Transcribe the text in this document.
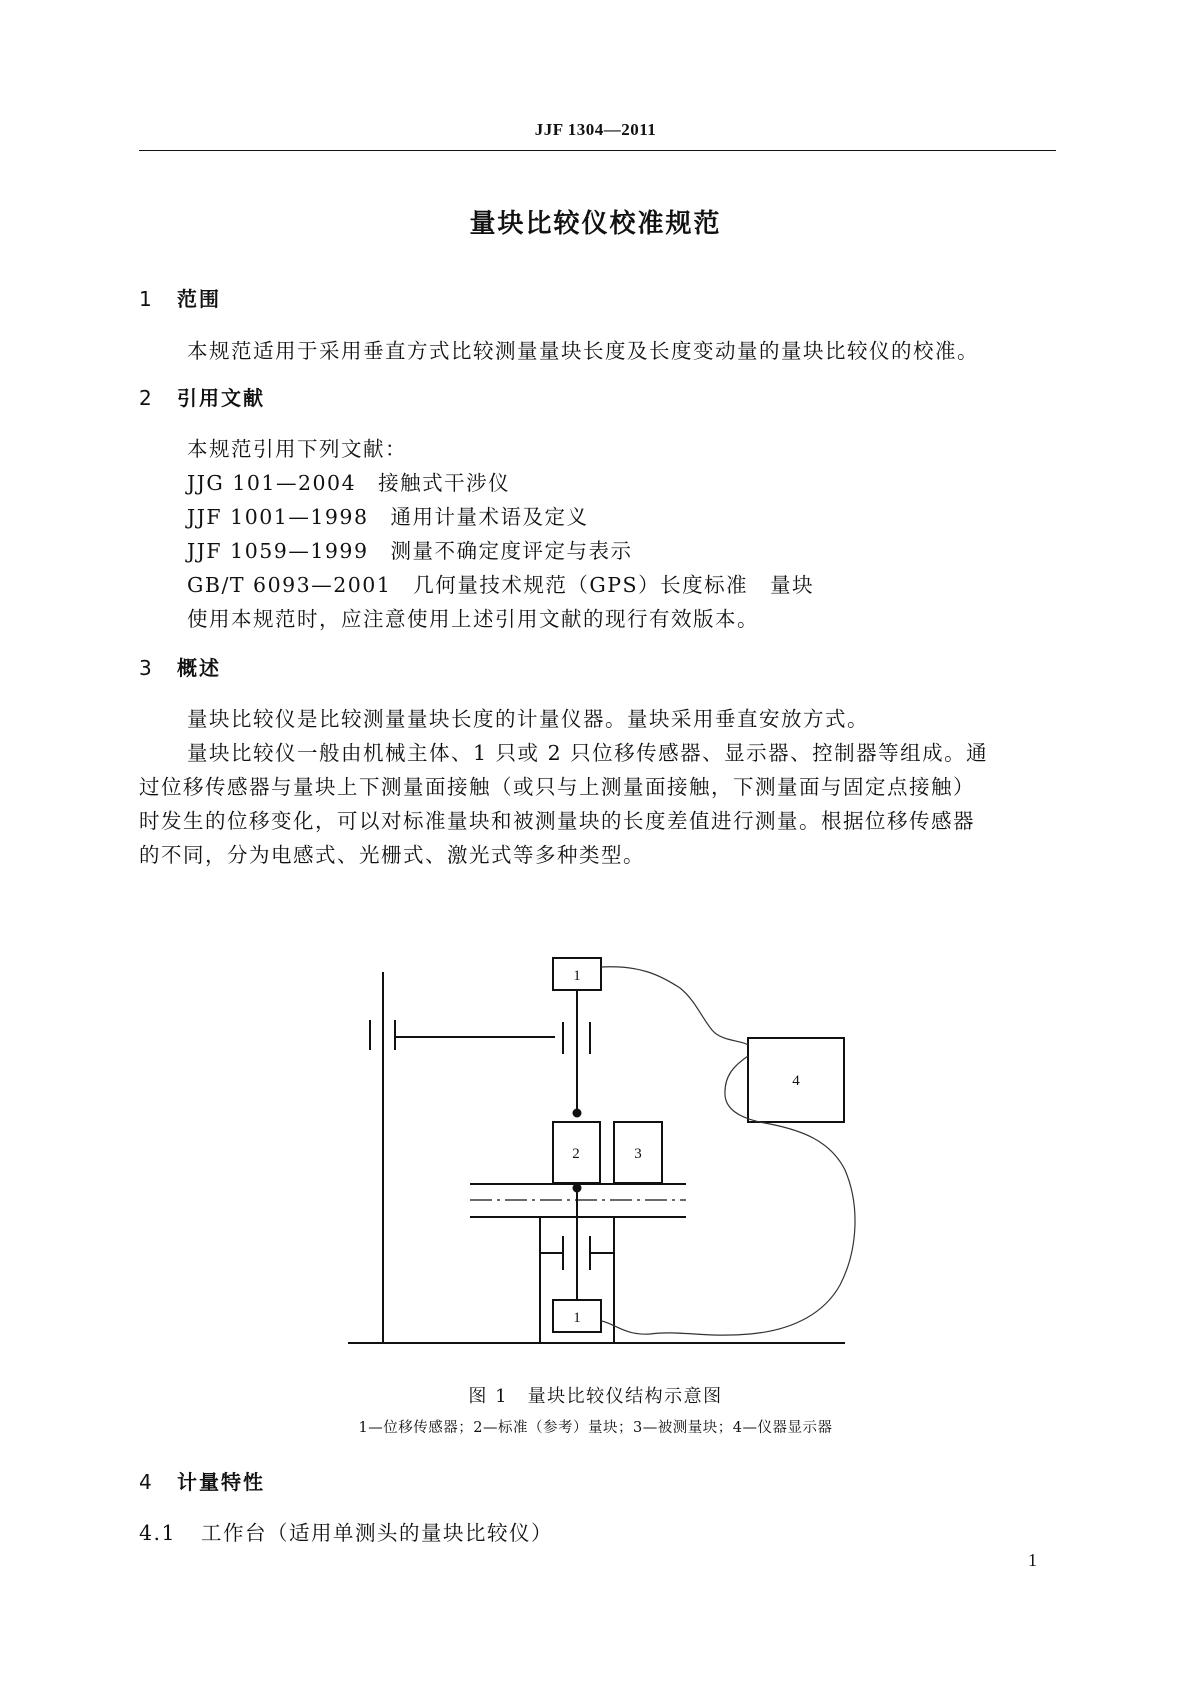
JJF 1304—2011
量块比较仪校准规范
1 范围
本规范适用于采用垂直方式比较测量量块长度及长度变动量的量块比较仪的校准。
2 引用文献
本规范引用下列文献：
JJG 101—2004　接触式干涉仪
JJF 1001—1998　通用计量术语及定义
JJF 1059—1999　测量不确定度评定与表示
GB/T 6093—2001　几何量技术规范（GPS）长度标准　量块
使用本规范时，应注意使用上述引用文献的现行有效版本。
3 概述
量块比较仪是比较测量量块长度的计量仪器。量块采用垂直安放方式。
量块比较仪一般由机械主体、1 只或 2 只位移传感器、显示器、控制器等组成。通
过位移传感器与量块上下测量面接触（或只与上测量面接触，下测量面与固定点接触）
时发生的位移变化，可以对标准量块和被测量块的长度差值进行测量。根据位移传感器
的不同，分为电感式、光栅式、激光式等多种类型。
1
4
2	3
1
图 1　量块比较仪结构示意图
1—位移传感器；2—标准（参考）量块；3—被测量块；4—仪器显示器
4 计量特性
4.1 工作台（适用单测头的量块比较仪）
1
